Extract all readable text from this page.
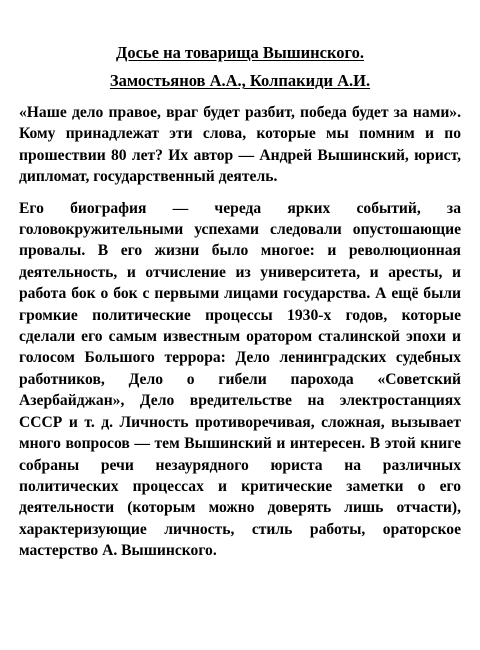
Досье на товарища Вышинского.
Замостьянов А.А., Колпакиди А.И.

«Наше дело правое, враг будет разбит, победа будет за нами». Кому принадлежат эти слова, которые мы помним и по прошествии 80 лет? Их автор — Андрей Вышинский, юрист, дипломат, государственный деятель.

Его биография — череда ярких событий, за головокружительными успехами следовали опустошающие провалы. В его жизни было многое: и революционная деятельность, и отчисление из университета, и аресты, и работа бок о бок с первыми лицами государства. А ещё были громкие политические процессы 1930-х годов, которые сделали его самым известным оратором сталинской эпохи и голосом Большого террора: Дело ленинградских судебных работников, Дело о гибели парохода «Советский Азербайджан», Дело вредительстве на электростанциях СССР и т. д. Личность противоречивая, сложная, вызывает много вопросов — тем Вышинский и интересен. В этой книге собраны речи незаурядного юриста на различных политических процессах и критические заметки о его деятельности (которым можно доверять лишь отчасти), характеризующие личность, стиль работы, ораторское мастерство А. Вышинского.
